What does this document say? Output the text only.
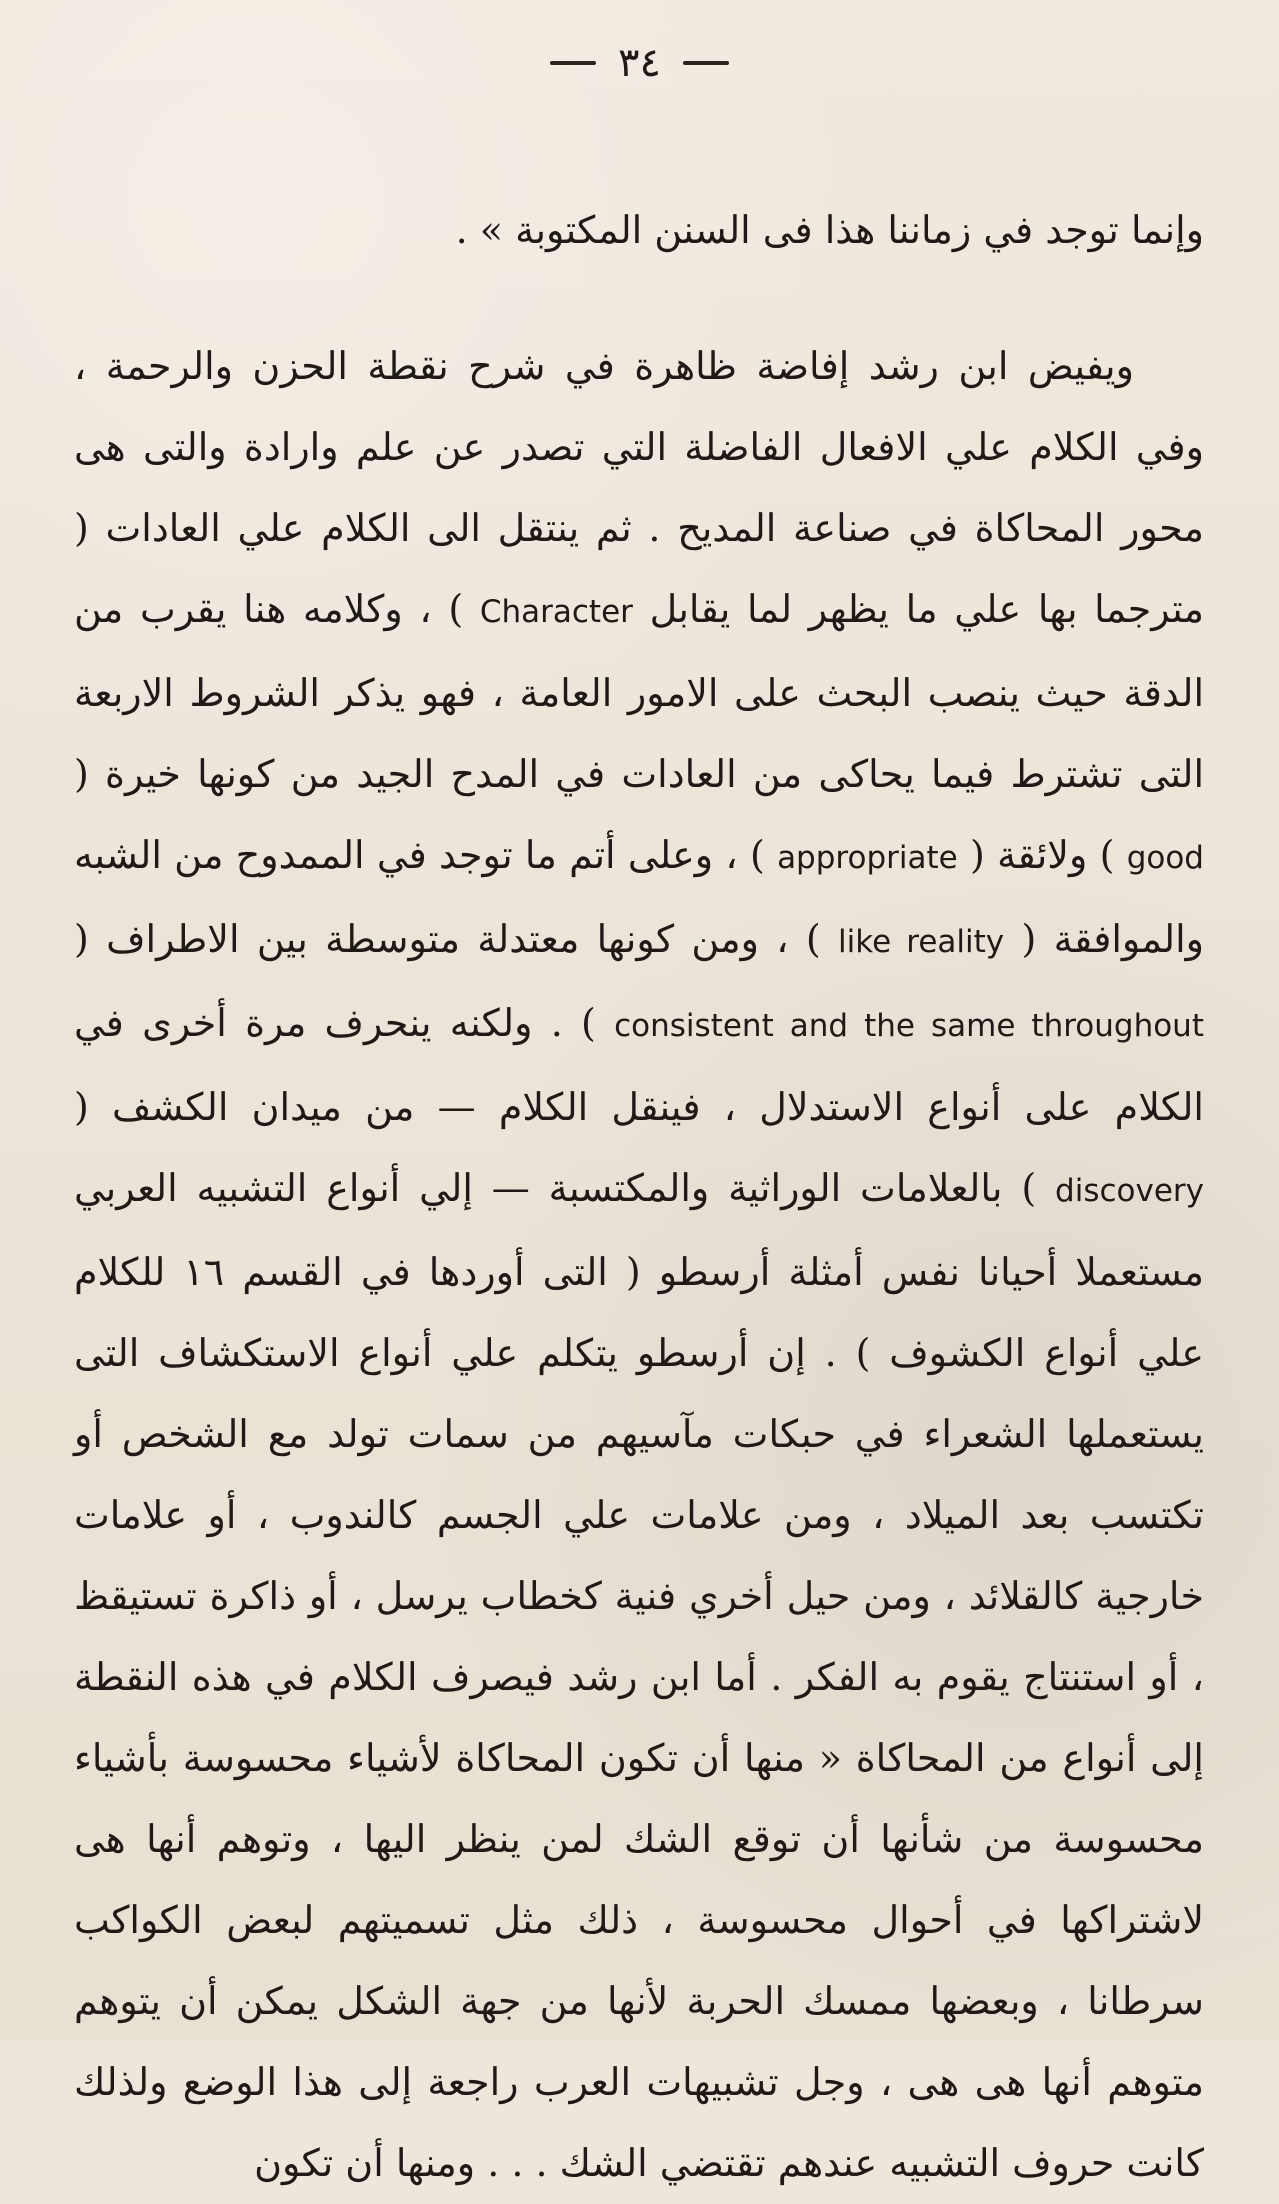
٣٤

وإنما توجد في زماننا هذا فى السنن المكتوبة » .

ويفيض ابن رشد إفاضة ظاهرة في شرح نقطة الحزن والرحمة ، وفي الكلام علي الافعال الفاضلة التي تصدر عن علم وارادة والتى هى محور المحاكاة في صناعة المديح . ثم ينتقل الى الكلام علي العادات ( مترجما بها علي ما يظهر لما يقابل Character ) ، وكلامه هنا يقرب من الدقة حيث ينصب البحث على الامور العامة ، فهو يذكر الشروط الاربعة التى تشترط فيما يحاكى من العادات في المدح الجيد من كونها خيرة ( good ) ولائقة ( appropriate ) ، وعلى أتم ما توجد في الممدوح من الشبه والموافقة ( like reality ) ، ومن كونها معتدلة متوسطة بين الاطراف ( consistent and the same throughout ) . ولكنه ينحرف مرة أخرى في الكلام على أنواع الاستدلال ، فينقل الكلام — من ميدان الكشف ( discovery ) بالعلامات الوراثية والمكتسبة — إلي أنواع التشبيه العربي مستعملا أحيانا نفس أمثلة أرسطو ( التى أوردها في القسم ١٦ للكلام علي أنواع الكشوف ) . إن أرسطو يتكلم علي أنواع الاستكشاف التى يستعملها الشعراء في حبكات مآسيهم من سمات تولد مع الشخص أو تكتسب بعد الميلاد ، ومن علامات علي الجسم كالندوب ، أو علامات خارجية كالقلائد ، ومن حيل أخري فنية كخطاب يرسل ، أو ذاكرة تستيقظ ، أو استنتاج يقوم به الفكر . أما ابن رشد فيصرف الكلام في هذه النقطة إلى أنواع من المحاكاة « منها أن تكون المحاكاة لأشياء محسوسة بأشياء محسوسة من شأنها أن توقع الشك لمن ينظر اليها ، وتوهم أنها هى لاشتراكها في أحوال محسوسة ، ذلك مثل تسميتهم لبعض الكواكب سرطانا ، وبعضها ممسك الحربة لأنها من جهة الشكل يمكن أن يتوهم متوهم أنها هى هى ، وجل تشبيهات العرب راجعة إلى هذا الوضع ولذلك كانت حروف التشبيه عندهم تقتضي الشك . . . ومنها أن تكون
